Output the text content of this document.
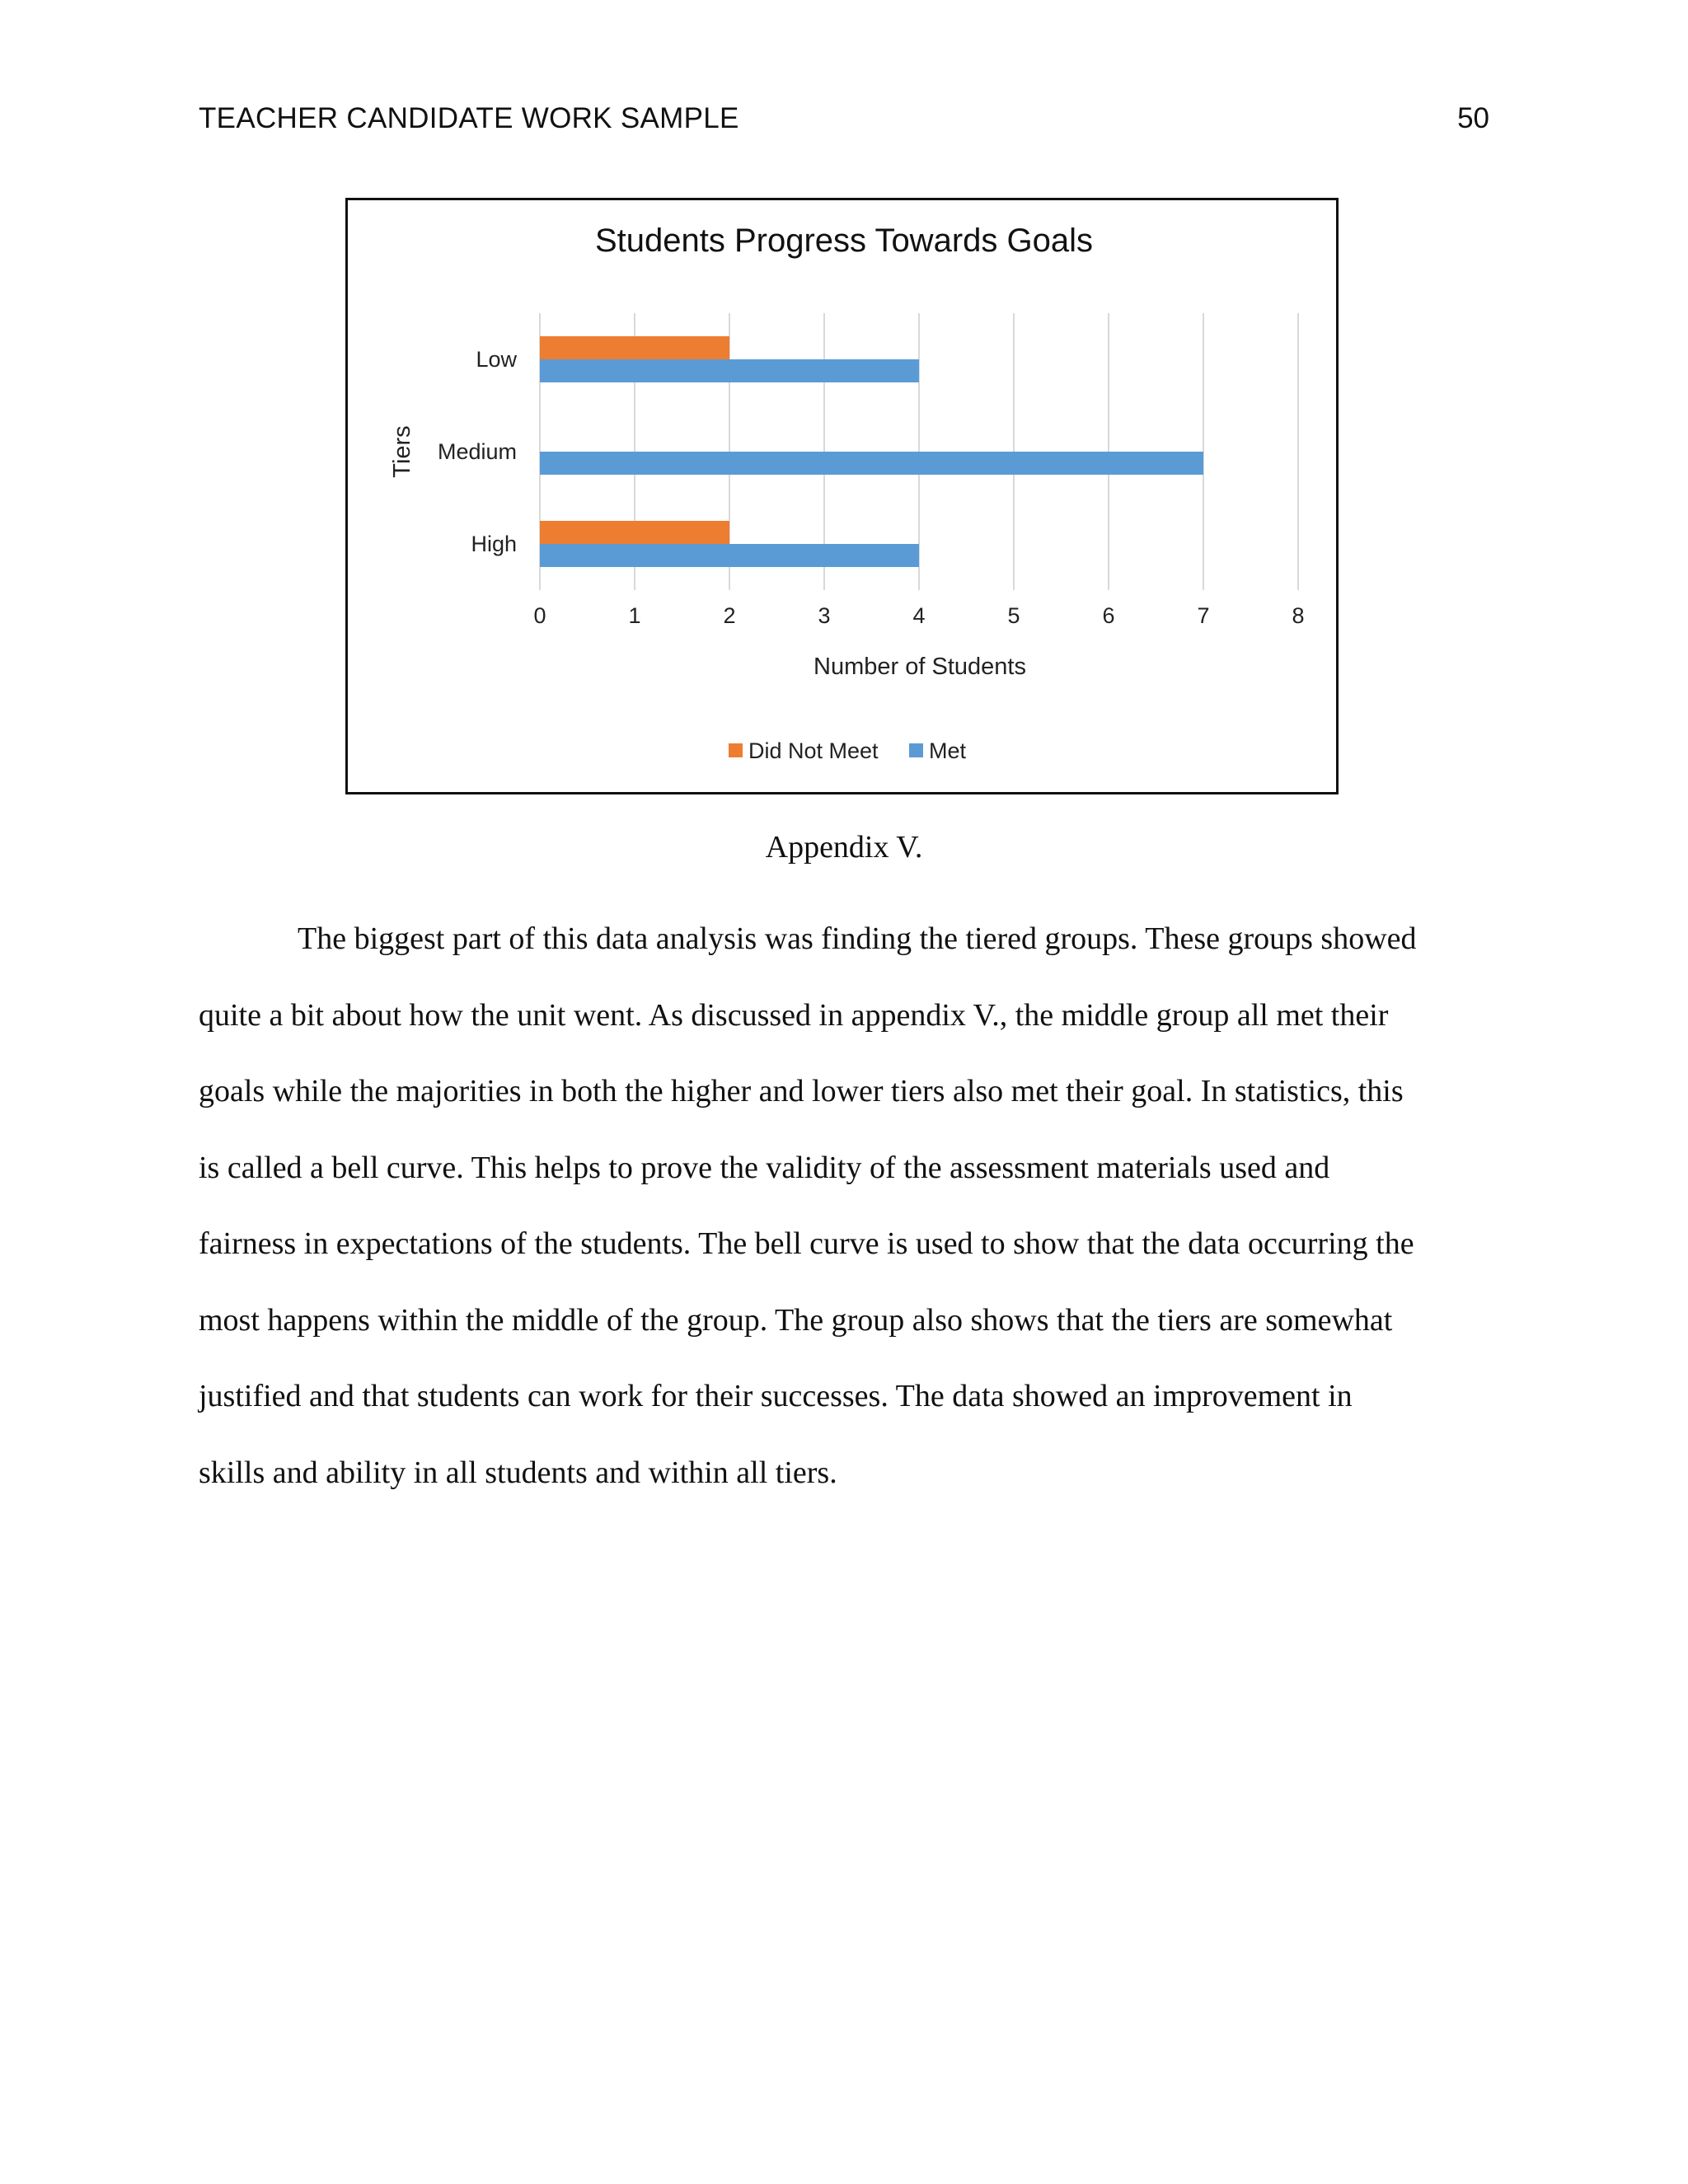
TEACHER CANDIDATE WORK SAMPLE	50
Students Progress Towards Goals
0	1	2	3	4	5	6	7	8
Low
Medium
High
Number of Students
Tiers
Did Not Meet Met
Appendix V.

The biggest part of this data analysis was finding the tiered groups. These groups showed
quite a bit about how the unit went. As discussed in appendix V., the middle group all met their
goals while the majorities in both the higher and lower tiers also met their goal. In statistics, this
is called a bell curve. This helps to prove the validity of the assessment materials used and
fairness in expectations of the students. The bell curve is used to show that the data occurring the
most happens within the middle of the group. The group also shows that the tiers are somewhat
justified and that students can work for their successes. The data showed an improvement in
skills and ability in all students and within all tiers.
